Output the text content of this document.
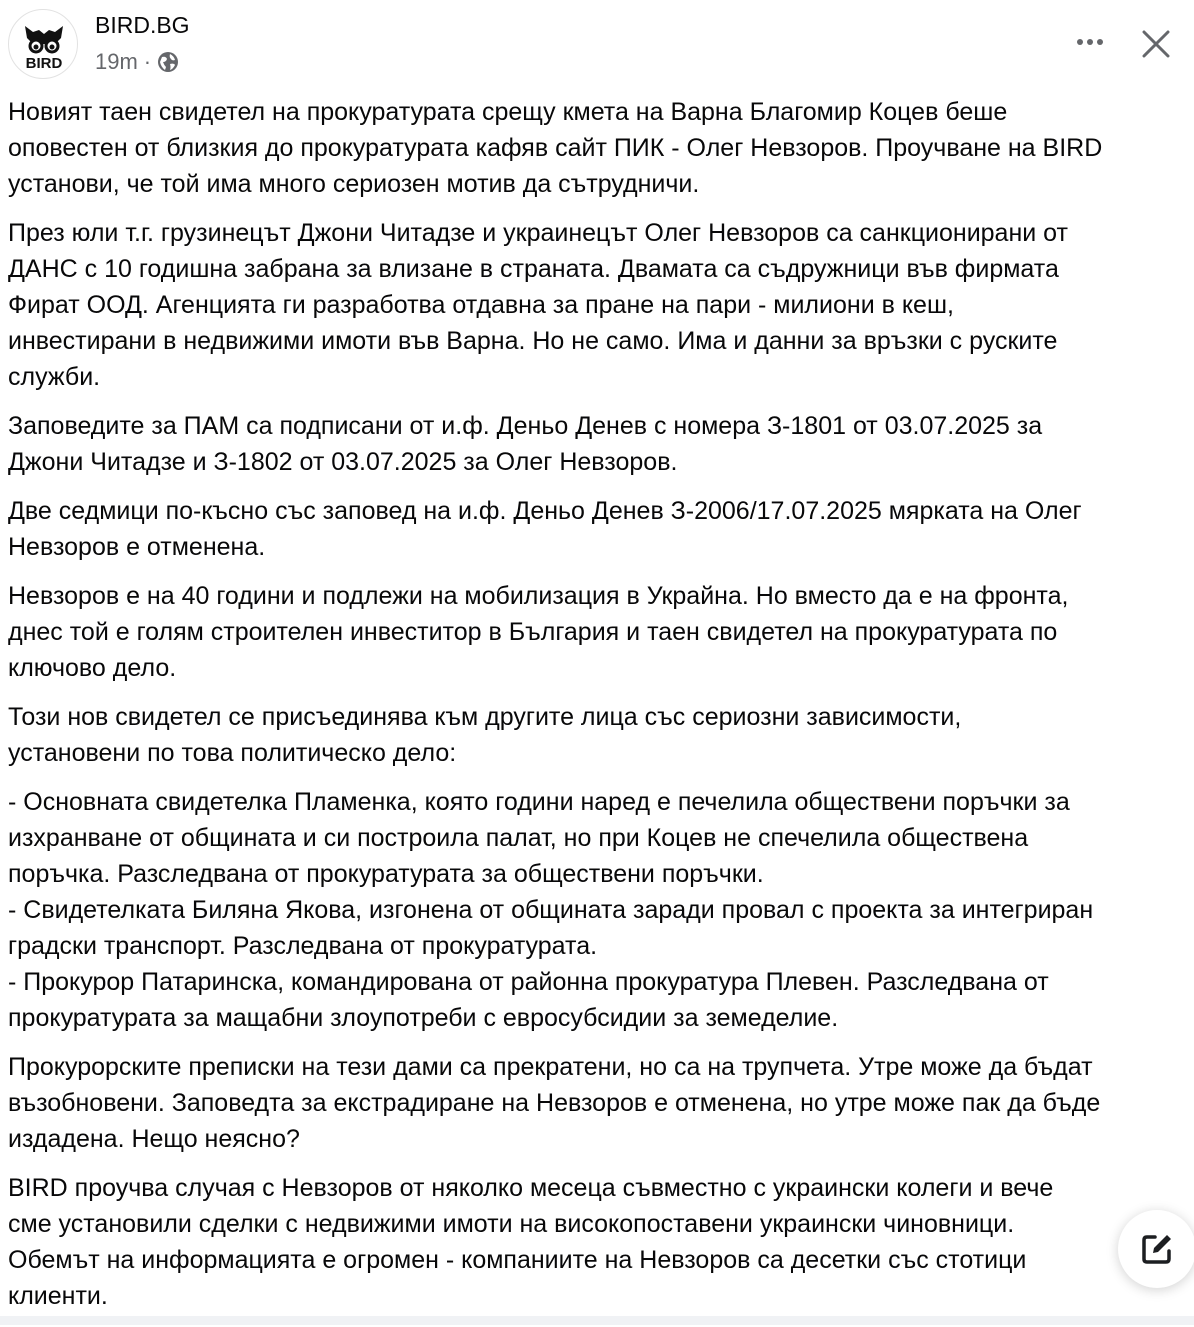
BIRD
BIRD.BG
19m ·
Новият таен свидетел на прокуратурата срещу кмета на Варна Благомир Коцев беше
оповестен от близкия до прокуратурата кафяв сайт ПИК - Олег Невзоров. Проучване на BIRD
установи, че той има много сериозен мотив да сътрудничи.
През юли т.г. грузинецът Джони Читадзе и украинецът Олег Невзоров са санкционирани от
ДАНС с 10 годишна забрана за влизане в страната. Двамата са съдружници във фирмата
Фират ООД. Агенцията ги разработва отдавна за пране на пари - милиони в кеш,
инвестирани в недвижими имоти във Варна. Но не само. Има и данни за връзки с руските
служби.
Заповедите за ПАМ са подписани от и.ф. Деньо Денев с номера З-1801 от 03.07.2025 за
Джони Читадзе и З-1802 от 03.07.2025 за Олег Невзоров.
Две седмици по-късно със заповед на и.ф. Деньо Денев З-2006/17.07.2025 мярката на Олег
Невзоров е отменена.
Невзоров е на 40 години и подлежи на мобилизация в Украйна. Но вместо да е на фронта,
днес той е голям строителен инвеститор в България и таен свидетел на прокуратурата по
ключово дело.
Този нов свидетел се присъединява към другите лица със сериозни зависимости,
установени по това политическо дело:
- Основната свидетелка Пламенка, която години наред е печелила обществени поръчки за
изхранване от общината и си построила палат, но при Коцев не спечелила обществена
поръчка. Разследвана от прокуратурата за обществени поръчки.
- Свидетелката Биляна Якова, изгонена от общината заради провал с проекта за интегриран
градски транспорт. Разследвана от прокуратурата.
- Прокурор Патаринска, командирована от районна прокуратура Плевен. Разследвана от
прокуратурата за мащабни злоупотреби с евросубсидии за земеделие.
Прокурорските преписки на тези дами са прекратени, но са на трупчета. Утре може да бъдат
възобновени. Заповедта за екстрадиране на Невзоров е отменена, но утре може пак да бъде
издадена. Нещо неясно?
BIRD проучва случая с Невзоров от няколко месеца съвместно с украински колеги и вече
сме установили сделки с недвижими имоти на високопоставени украински чиновници.
Обемът на информацията е огромен - компаниите на Невзоров са десетки със стотици
клиенти.
